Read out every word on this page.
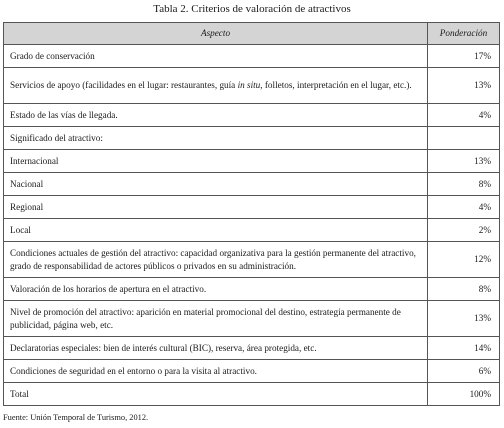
Tabla 2. Criterios de valoración de atractivos
Aspecto	Ponderación
Grado de conservación	17%
Servicios de apoyo (facilidades en el lugar: restaurantes, guía in situ, folletos, interpretación en el lugar, etc.).	13%
Estado de las vías de llegada.	4%
Significado del atractivo:	
Internacional	13%
Nacional	8%
Regional	4%
Local	2%
Condiciones actuales de gestión del atractivo: capacidad organizativa para la gestión permanente del atractivo, grado de responsabilidad de actores públicos o privados en su administración.	12%
Valoración de los horarios de apertura en el atractivo.	8%
Nivel de promoción del atractivo: aparición en material promocional del destino, estrategia permanente de publicidad, página web, etc.	13%
Declaratorias especiales: bien de interés cultural (BIC), reserva, área protegida, etc.	14%
Condiciones de seguridad en el entorno o para la visita al atractivo.	6%
Total	100%
Fuente: Unión Temporal de Turismo, 2012.
